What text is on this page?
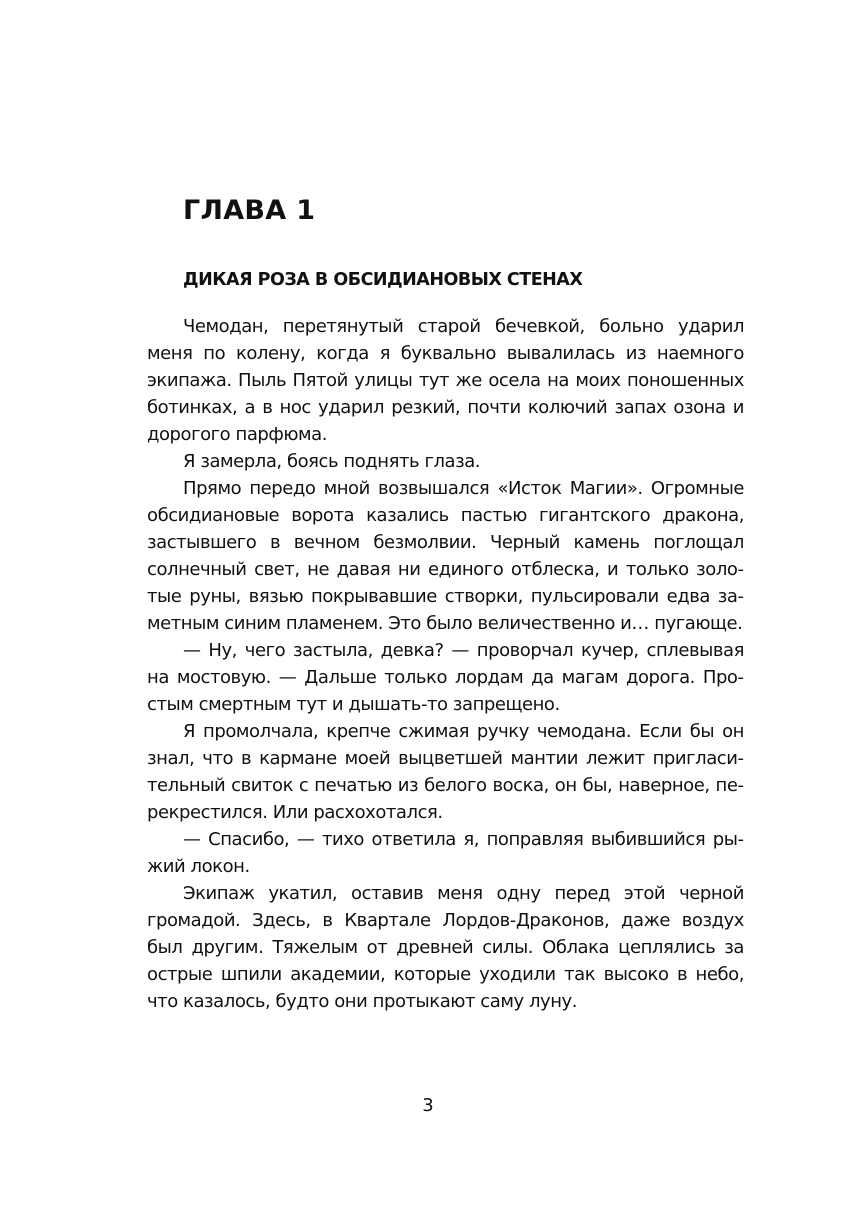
ГЛАВА 1
ДИКАЯ РОЗА В ОБСИДИАНОВЫХ СТЕНАХ

Чемодан, перетянутый старой бечевкой, больно ударил меня по колену, когда я буквально вывалилась из наемного экипажа. Пыль Пятой улицы тут же осела на моих поношенных ботинках, а в нос ударил резкий, почти колючий запах озона и дорогого парфюма.

Я замерла, боясь поднять глаза.

Прямо передо мной возвышался «Исток Магии». Огромные обсидиановые ворота казались пастью гигантского дракона, застывшего в вечном безмолвии. Черный камень поглощал солнечный свет, не давая ни единого отблеска, и только золотые руны, вязью покрывавшие створки, пульсировали едва заметным синим пламенем. Это было величественно и… пугающе.

— Ну, чего застыла, девка? — проворчал кучер, сплевывая на мостовую. — Дальше только лордам да магам дорога. Простым смертным тут и дышать-то запрещено.

Я промолчала, крепче сжимая ручку чемодана. Если бы он знал, что в кармане моей выцветшей мантии лежит пригласительный свиток с печатью из белого воска, он бы, наверное, перекрестился. Или расхохотался.

— Спасибо, — тихо ответила я, поправляя выбившийся рыжий локон.

Экипаж укатил, оставив меня одну перед этой черной громадой. Здесь, в Квартале Лордов-Драконов, даже воздух был другим. Тяжелым от древней силы. Облака цеплялись за острые шпили академии, которые уходили так высоко в небо, что казалось, будто они протыкают саму луну.

3
